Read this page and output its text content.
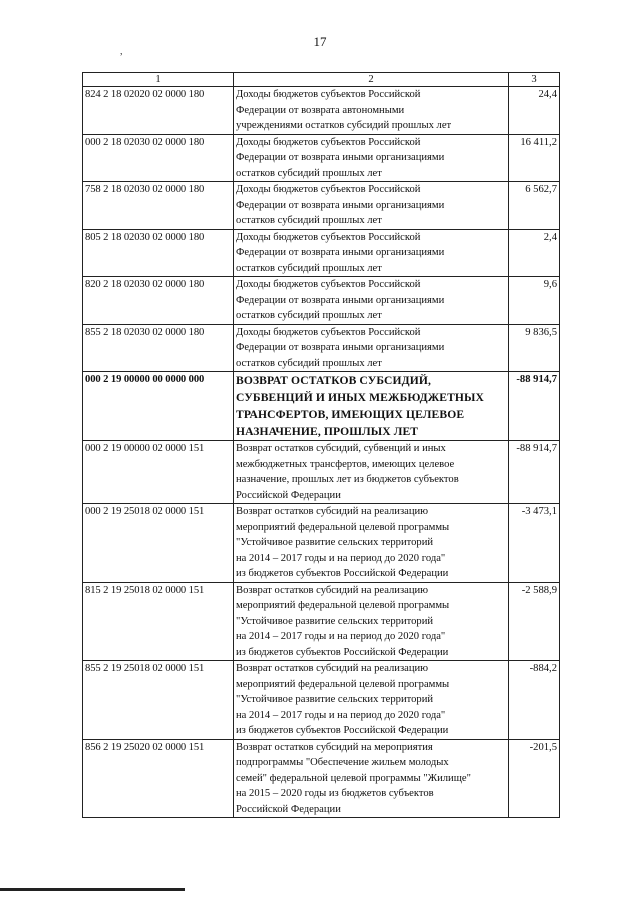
17
,
1	2	3
824 2 18 02020 02 0000 180	Доходы бюджетов субъектов Российской
Федерации от возврата автономными
учреждениями остатков субсидий прошлых лет	24,4
000 2 18 02030 02 0000 180	Доходы бюджетов субъектов Российской
Федерации от возврата иными организациями
остатков субсидий прошлых лет	16 411,2
758 2 18 02030 02 0000 180	Доходы бюджетов субъектов Российской
Федерации от возврата иными организациями
остатков субсидий прошлых лет	6 562,7
805 2 18 02030 02 0000 180	Доходы бюджетов субъектов Российской
Федерации от возврата иными организациями
остатков субсидий прошлых лет	2,4
820 2 18 02030 02 0000 180	Доходы бюджетов субъектов Российской
Федерации от возврата иными организациями
остатков субсидий прошлых лет	9,6
855 2 18 02030 02 0000 180	Доходы бюджетов субъектов Российской
Федерации от возврата иными организациями
остатков субсидий прошлых лет	9 836,5
000 2 19 00000 00 0000 000	ВОЗВРАТ ОСТАТКОВ СУБСИДИЙ,
СУБВЕНЦИЙ И ИНЫХ МЕЖБЮДЖЕТНЫХ
ТРАНСФЕРТОВ, ИМЕЮЩИХ ЦЕЛЕВОЕ
НАЗНАЧЕНИЕ, ПРОШЛЫХ ЛЕТ	-88 914,7
000 2 19 00000 02 0000 151	Возврат остатков субсидий, субвенций и иных
межбюджетных трансфертов, имеющих целевое
назначение, прошлых лет из бюджетов субъектов
Российской Федерации	-88 914,7
000 2 19 25018 02 0000 151	Возврат остатков субсидий на реализацию
мероприятий федеральной целевой программы
"Устойчивое развитие сельских территорий
на 2014 – 2017 годы и на период до 2020 года"
из бюджетов субъектов Российской Федерации	-3 473,1
815 2 19 25018 02 0000 151	Возврат остатков субсидий на реализацию
мероприятий федеральной целевой программы
"Устойчивое развитие сельских территорий
на 2014 – 2017 годы и на период до 2020 года"
из бюджетов субъектов Российской Федерации	-2 588,9
855 2 19 25018 02 0000 151	Возврат остатков субсидий на реализацию
мероприятий федеральной целевой программы
"Устойчивое развитие сельских территорий
на 2014 – 2017 годы и на период до 2020 года"
из бюджетов субъектов Российской Федерации	-884,2
856 2 19 25020 02 0000 151	Возврат остатков субсидий на мероприятия
подпрограммы "Обеспечение жильем молодых
семей" федеральной целевой программы "Жилище"
на 2015 – 2020 годы из бюджетов субъектов
Российской Федерации	-201,5
